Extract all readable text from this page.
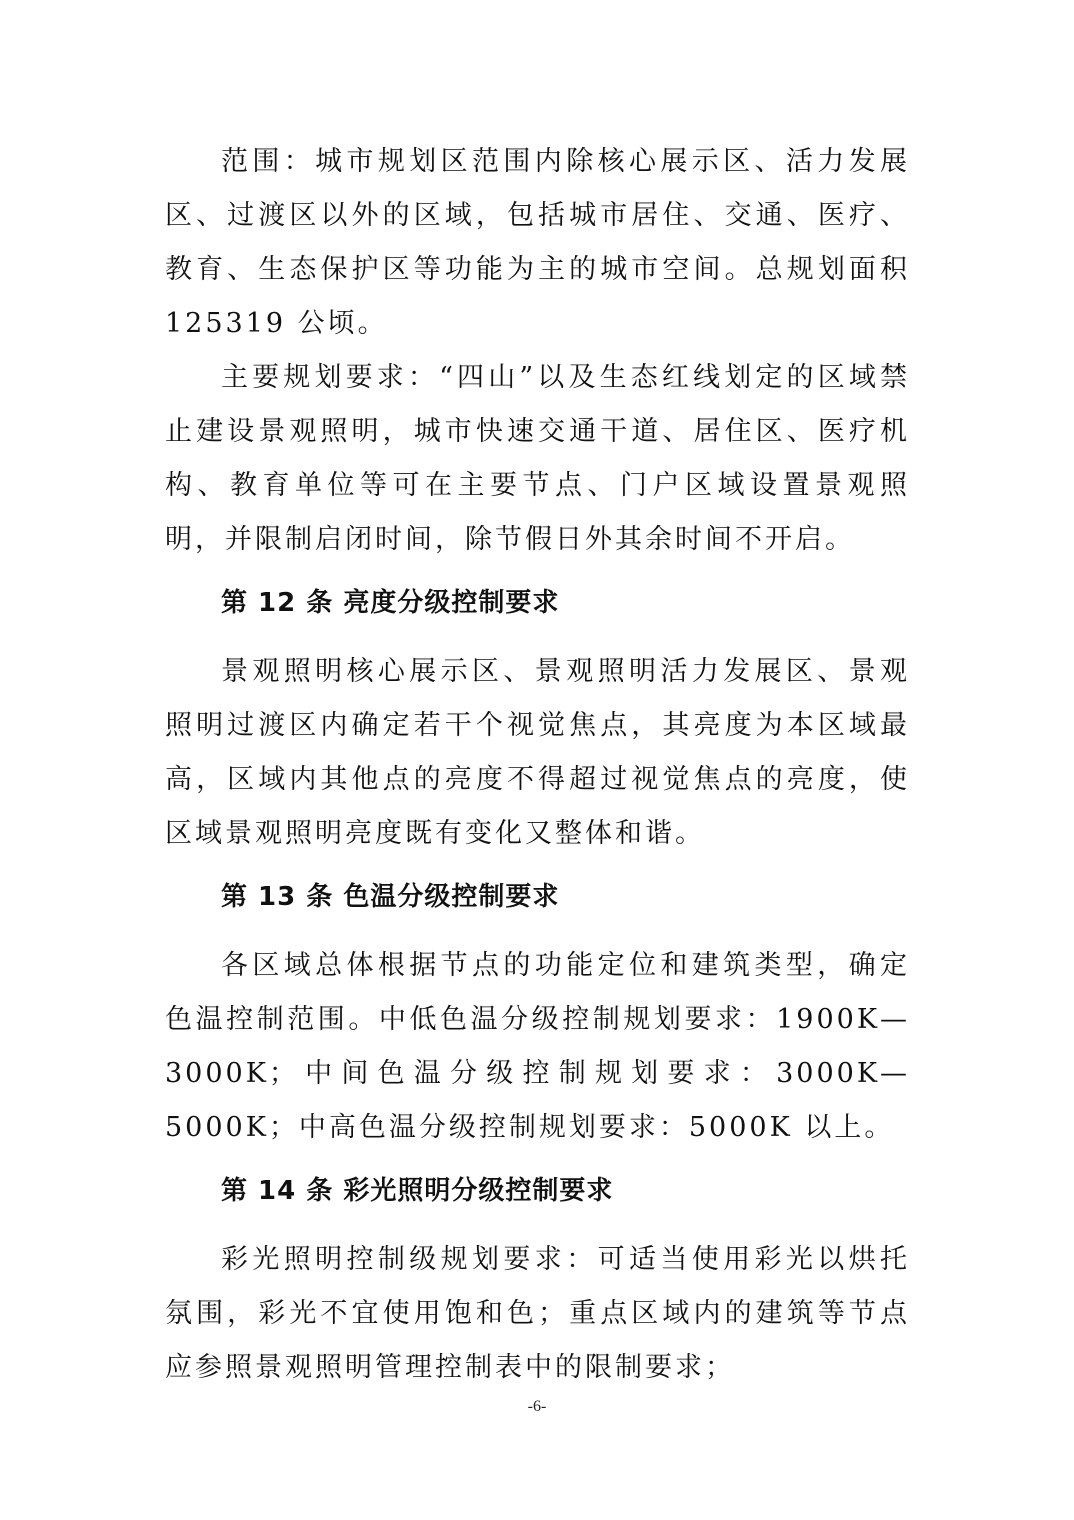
范围：城市规划区范围内除核心展示区、活力发展区、过渡区以外的区域，包括城市居住、交通、医疗、教育、生态保护区等功能为主的城市空间。总规划面积 125319 公顷。

主要规划要求：“四山”以及生态红线划定的区域禁止建设景观照明，城市快速交通干道、居住区、医疗机构、教育单位等可在主要节点、门户区域设置景观照明，并限制启闭时间，除节假日外其余时间不开启。

第 12 条 亮度分级控制要求

景观照明核心展示区、景观照明活力发展区、景观照明过渡区内确定若干个视觉焦点，其亮度为本区域最高，区域内其他点的亮度不得超过视觉焦点的亮度，使区域景观照明亮度既有变化又整体和谐。

第 13 条 色温分级控制要求

各区域总体根据节点的功能定位和建筑类型，确定色温控制范围。中低色温分级控制规划要求：1900K—3000K；中间色温分级控制规划要求：3000K—5000K；中高色温分级控制规划要求：5000K 以上。

第 14 条 彩光照明分级控制要求

彩光照明控制级规划要求：可适当使用彩光以烘托氛围，彩光不宜使用饱和色；重点区域内的建筑等节点应参照景观照明管理控制表中的限制要求；

-6-
